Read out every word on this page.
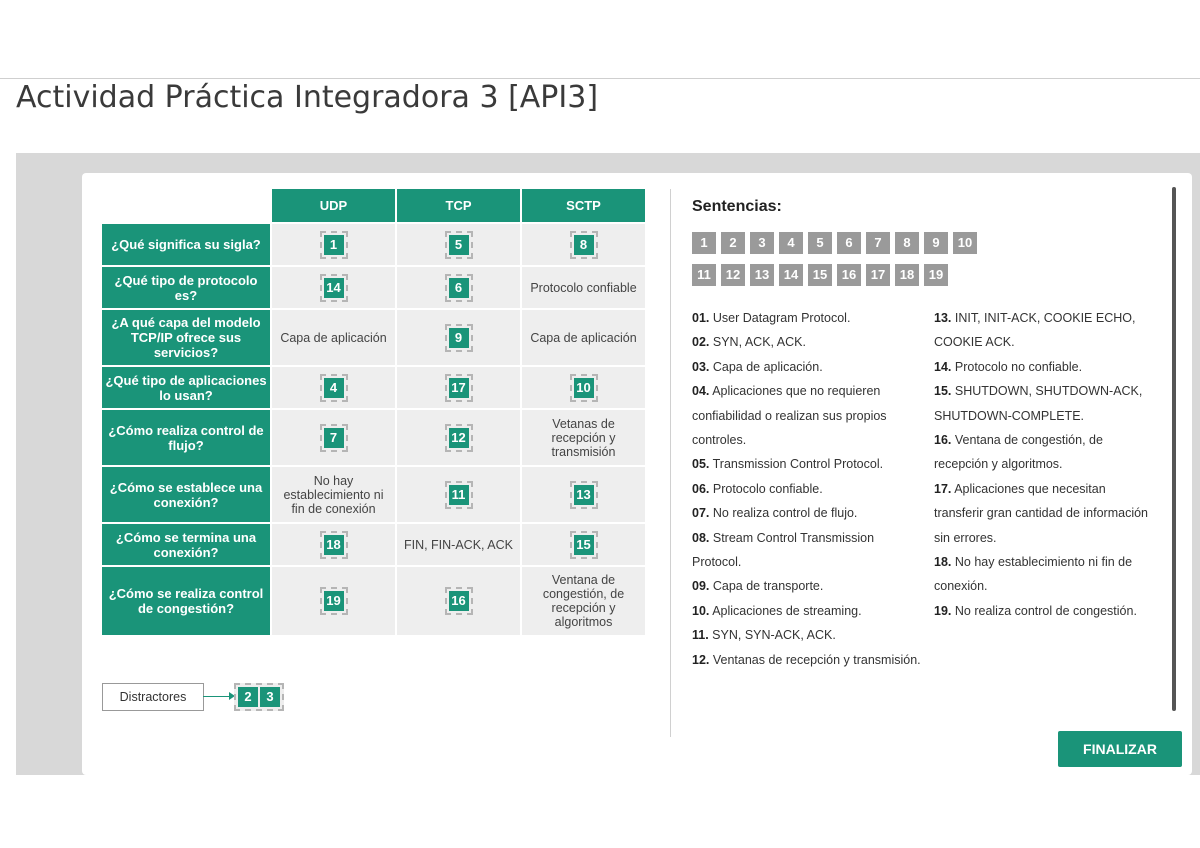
Actividad Práctica Integradora 3 [API3]
	UDP	TCP	SCTP
¿Qué significa su sigla?	1	5	8

¿Qué tipo de protocolo es?	14	6	Protocolo confiable

¿A qué capa del modelo TCP/IP ofrece sus servicios?	Capa de aplicación	9	Capa de aplicación

¿Qué tipo de aplicaciones lo usan?	4	17	10

¿Cómo realiza control de flujo?	7	12	Vetanas de recepción y transmisión

¿Cómo se establece una conexión?	No hay establecimiento ni fin de conexión	11	13

¿Cómo se termina una conexión?	18	FIN, FIN-ACK, ACK	15

¿Cómo se realiza control de congestión?	19	16	Ventana de congestión, de recepción y algoritmos
Distractores	2	3
Sentencias:
1	2	3	4	5	6	7	8	9	10
11	12	13	14	15	16	17	18	19
01. User Datagram Protocol.
02. SYN, ACK, ACK.
03. Capa de aplicación.
04. Aplicaciones que no requieren confiabilidad o realizan sus propios controles.
05. Transmission Control Protocol.
06. Protocolo confiable.
07. No realiza control de flujo.
08. Stream Control Transmission Protocol.
09. Capa de transporte.
10. Aplicaciones de streaming.
11. SYN, SYN-ACK, ACK.
12. Ventanas de recepción y transmisión.
13. INIT, INIT-ACK, COOKIE ECHO, COOKIE ACK.
14. Protocolo no confiable.
15. SHUTDOWN, SHUTDOWN-ACK, SHUTDOWN-COMPLETE.
16. Ventana de congestión, de recepción y algoritmos.
17. Aplicaciones que necesitan transferir gran cantidad de información sin errores.
18. No hay establecimiento ni fin de conexión.
19. No realiza control de congestión.
FINALIZAR
